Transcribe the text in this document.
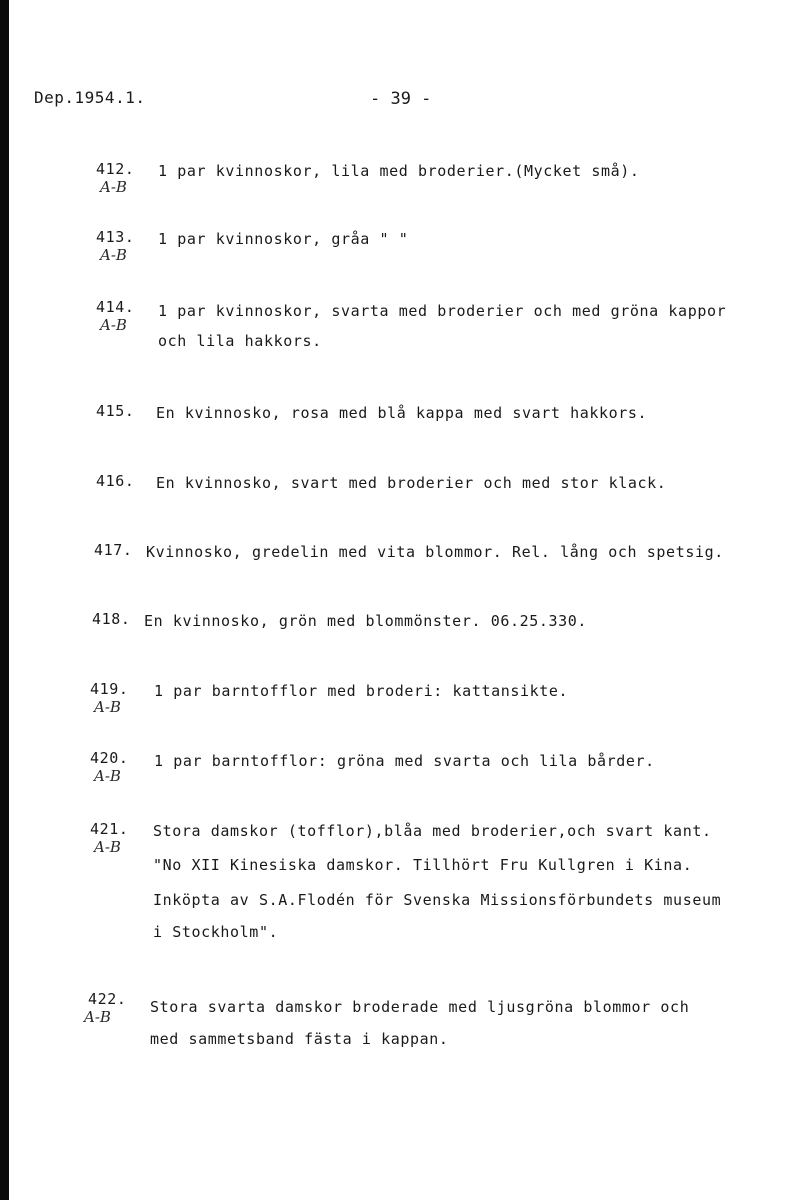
Dep.1954.1.	- 39 -
412.
A-B
1 par kvinnoskor, lila med broderier.(Mycket små).
413.
A-B
1 par kvinnoskor, gråa " "
414.
A-B
1 par kvinnoskor, svarta med broderier och med gröna kappor
och lila hakkors.
415. En kvinnosko, rosa med blå kappa med svart hakkors.
416. En kvinnosko, svart med broderier och med stor klack.
417. Kvinnosko, gredelin med vita blommor. Rel. lång och spetsig.
418. En kvinnosko, grön med blommönster. 06.25.330.
419.
A-B
1 par barntofflor med broderi: kattansikte.
420.
A-B
1 par barntofflor: gröna med svarta och lila bårder.
421.
A-B
Stora damskor (tofflor),blåa med broderier,och svart kant.
"No XII Kinesiska damskor. Tillhört Fru Kullgren i Kina.
Inköpta av S.A.Flodén för Svenska Missionsförbundets museum
i Stockholm".
422.
A-B
Stora svarta damskor broderade med ljusgröna blommor och
med sammetsband fästa i kappan.
